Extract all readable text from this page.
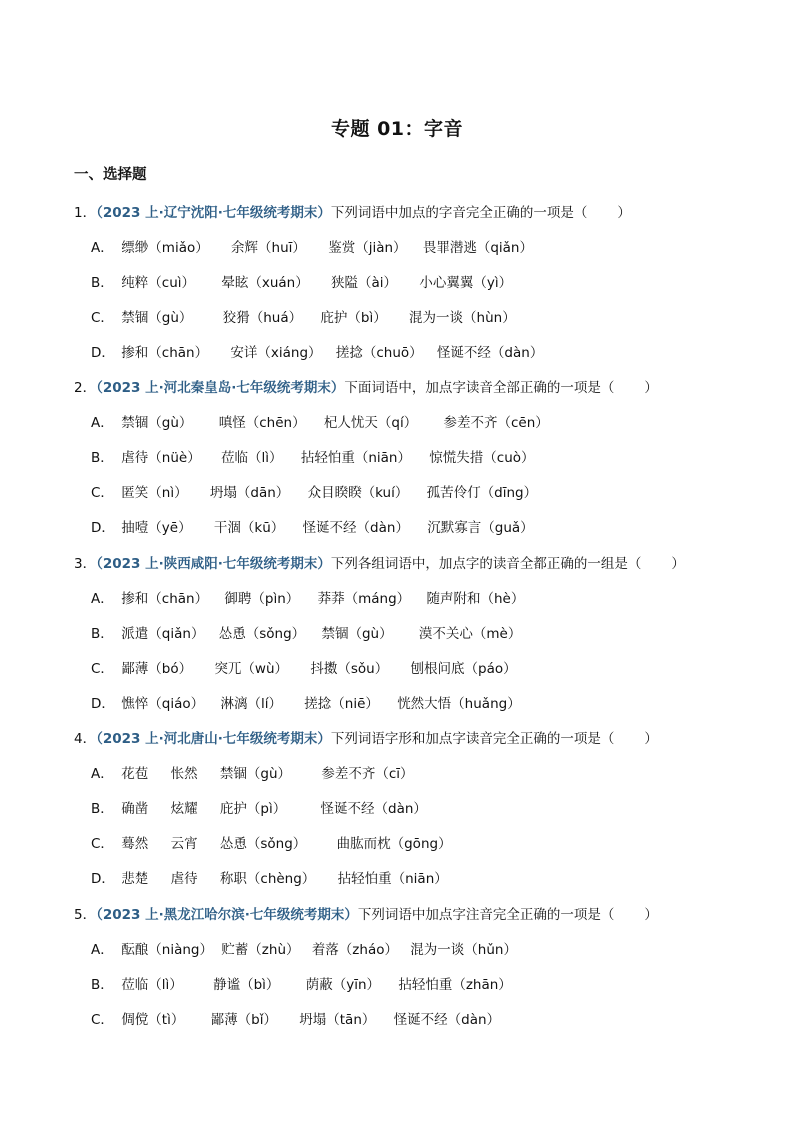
专题 01：字音
一、选择题
1．（2023 上·辽宁沈阳·七年级统考期末）下列词语中加点的字音完全正确的一项是（ ）
A． 缥缈（miǎo） 余辉（huī） 鉴赏（jiàn） 畏罪潜逃（qiǎn）
B． 纯粹（cuì） 晕眩（xuán） 狭隘（ài） 小心翼翼（yì）
C． 禁锢（gù） 狡猾（huá） 庇护（bì） 混为一谈（hùn）
D． 掺和（chān） 安详（xiáng） 搓捻（chuō） 怪诞不经（dàn）
2．（2023 上·河北秦皇岛·七年级统考期末）下面词语中，加点字读音全部正确的一项是（ ）
A． 禁锢（gù） 嗔怪（chēn） 杞人忧天（qí） 参差不齐（cēn）
B． 虐待（nüè） 莅临（lì） 拈轻怕重（niān） 惊慌失措（cuò）
C． 匿笑（nì） 坍塌（dān） 众目睽睽（kuí） 孤苦伶仃（dīng）
D． 抽噎（yē） 干涸（kū） 怪诞不经（dàn） 沉默寡言（guǎ）
3．（2023 上·陕西咸阳·七年级统考期末）下列各组词语中，加点字的读音全都正确的一组是（ ）
A． 掺和（chān） 御聘（pìn） 莽莽（máng） 随声附和（hè）
B． 派遣（qiǎn） 怂恿（sǒng） 禁锢（gù） 漠不关心（mè）
C． 鄙薄（bó） 突兀（wù） 抖擞（sǒu） 刨根问底（páo）
D． 憔悴（qiáo） 淋漓（lí） 搓捻（niē） 恍然大悟（huǎng）
4．（2023 上·河北唐山·七年级统考期末）下列词语字形和加点字读音完全正确的一项是（ ）
A． 花苞 怅然 禁锢（gù） 参差不齐（cī）
B． 确凿 炫耀 庇护（pì）	怪诞不经（dàn）
C． 蓦然 云宵 怂恿（sǒng） 曲肱而枕（gōng）
D． 悲楚 虐待 称职（chèng） 拈轻怕重（niān）
5．（2023 上·黑龙江哈尔滨·七年级统考期末）下列词语中加点字注音完全正确的一项是（ ）
A． 酝酿（niàng） 贮蓄（zhù） 着落（zháo） 混为一谈（hǔn）
B． 莅临（lì） 静谧（bì） 荫蔽（yīn） 拈轻怕重（zhān）
C． 倜傥（tì） 鄙薄（bǐ） 坍塌（tān） 怪诞不经（dàn）
